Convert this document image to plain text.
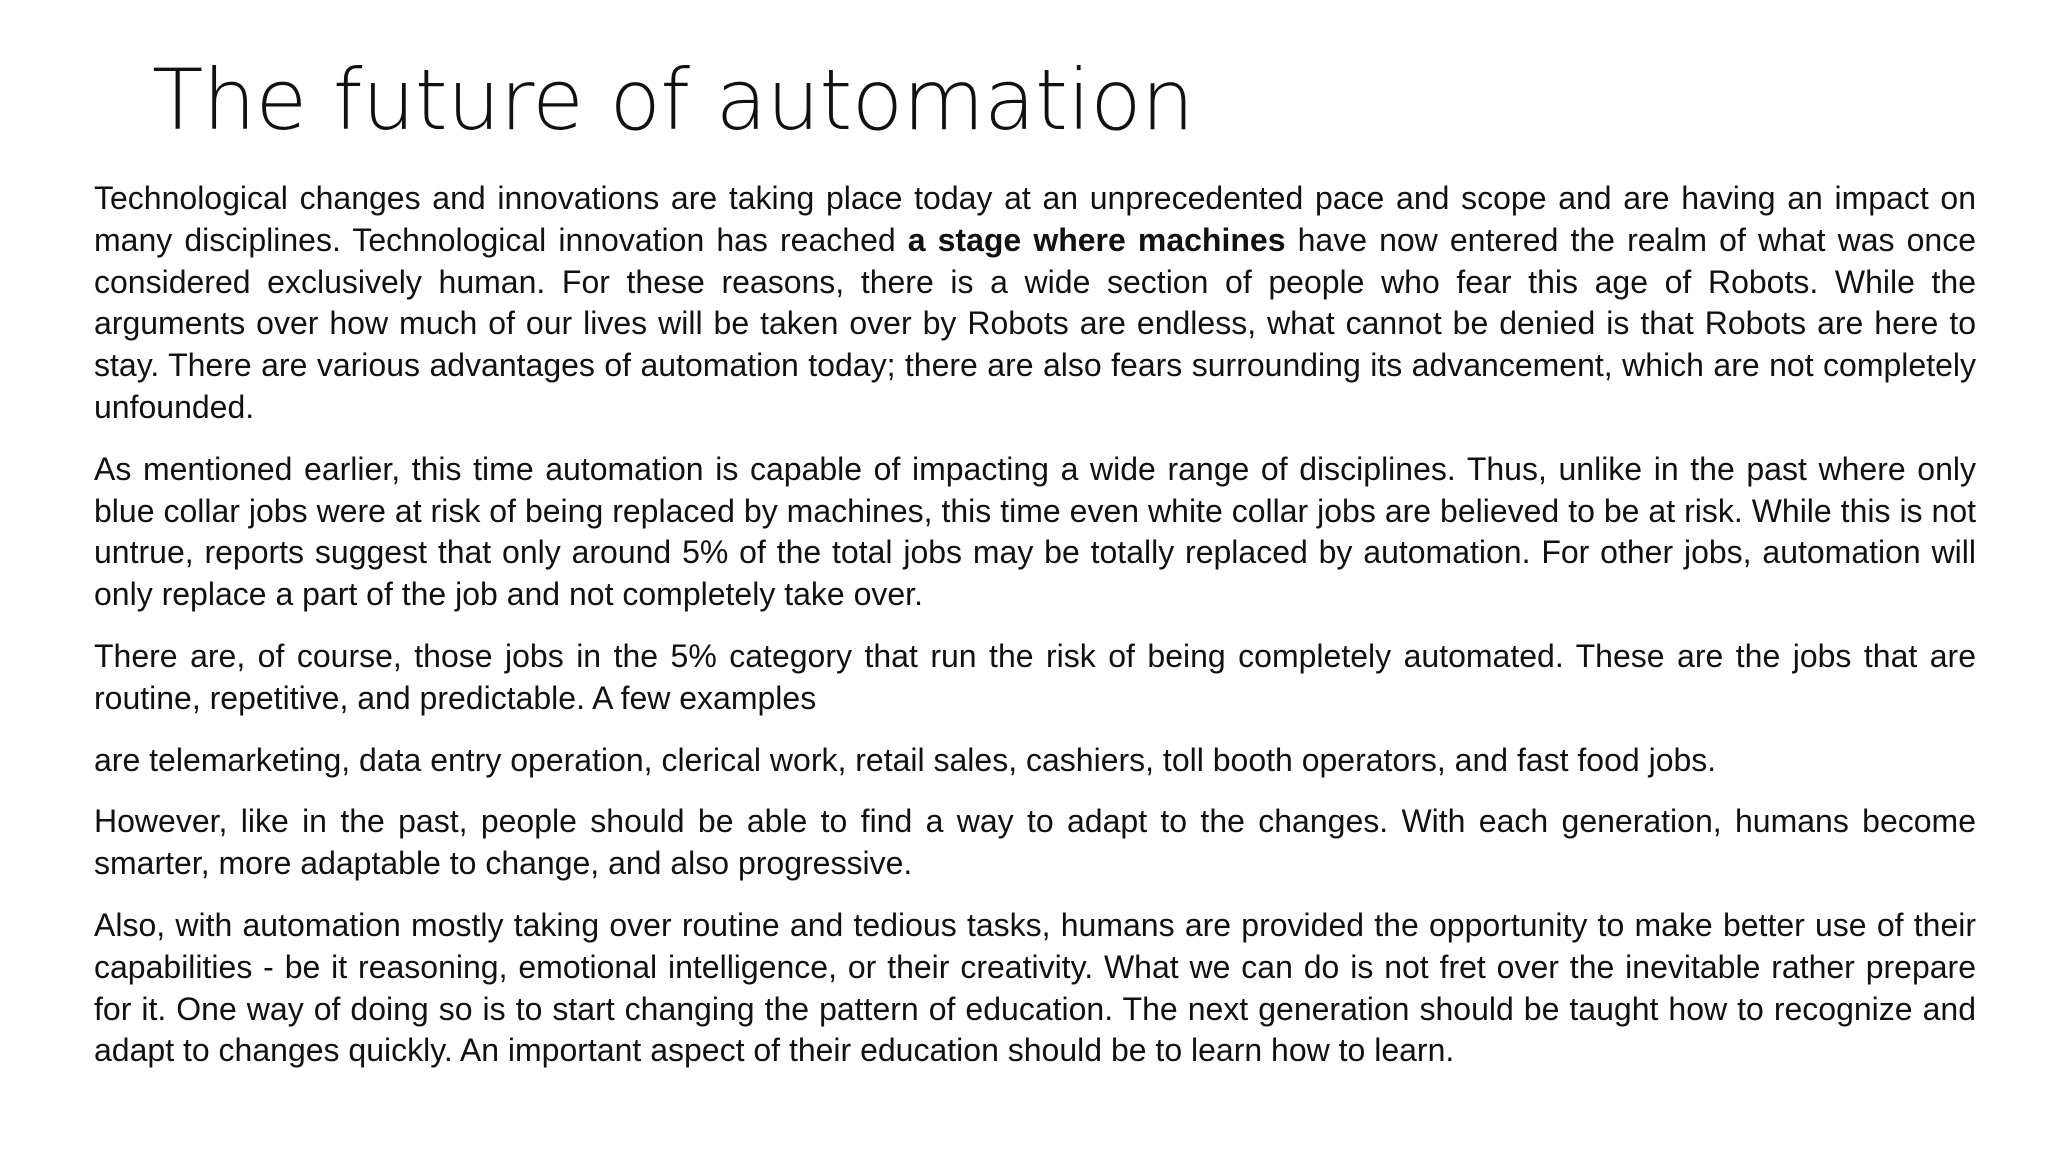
The future of automation

Technological changes and innovations are taking place today at an unprecedented pace and scope and are having an impact on many disciplines. Technological innovation has reached a stage where machines have now entered the realm of what was once considered exclusively human. For these reasons, there is a wide section of people who fear this age of Robots. While the arguments over how much of our lives will be taken over by Robots are endless, what cannot be denied is that Robots are here to stay. There are various advantages of automation today; there are also fears surrounding its advancement, which are not completely unfounded.

As mentioned earlier, this time automation is capable of impacting a wide range of disciplines. Thus, unlike in the past where only blue collar jobs were at risk of being replaced by machines, this time even white collar jobs are believed to be at risk. While this is not untrue, reports suggest that only around 5% of the total jobs may be totally replaced by automation. For other jobs, automation will only replace a part of the job and not completely take over.

There are, of course, those jobs in the 5% category that run the risk of being completely automated. These are the jobs that are routine, repetitive, and predictable. A few examples

are telemarketing, data entry operation, clerical work, retail sales, cashiers, toll booth operators, and fast food jobs.

However, like in the past, people should be able to find a way to adapt to the changes. With each generation, humans become smarter, more adaptable to change, and also progressive.

Also, with automation mostly taking over routine and tedious tasks, humans are provided the opportunity to make better use of their capabilities - be it reasoning, emotional intelligence, or their creativity. What we can do is not fret over the inevitable rather prepare for it. One way of doing so is to start changing the pattern of education. The next generation should be taught how to recognize and adapt to changes quickly. An important aspect of their education should be to learn how to learn.
